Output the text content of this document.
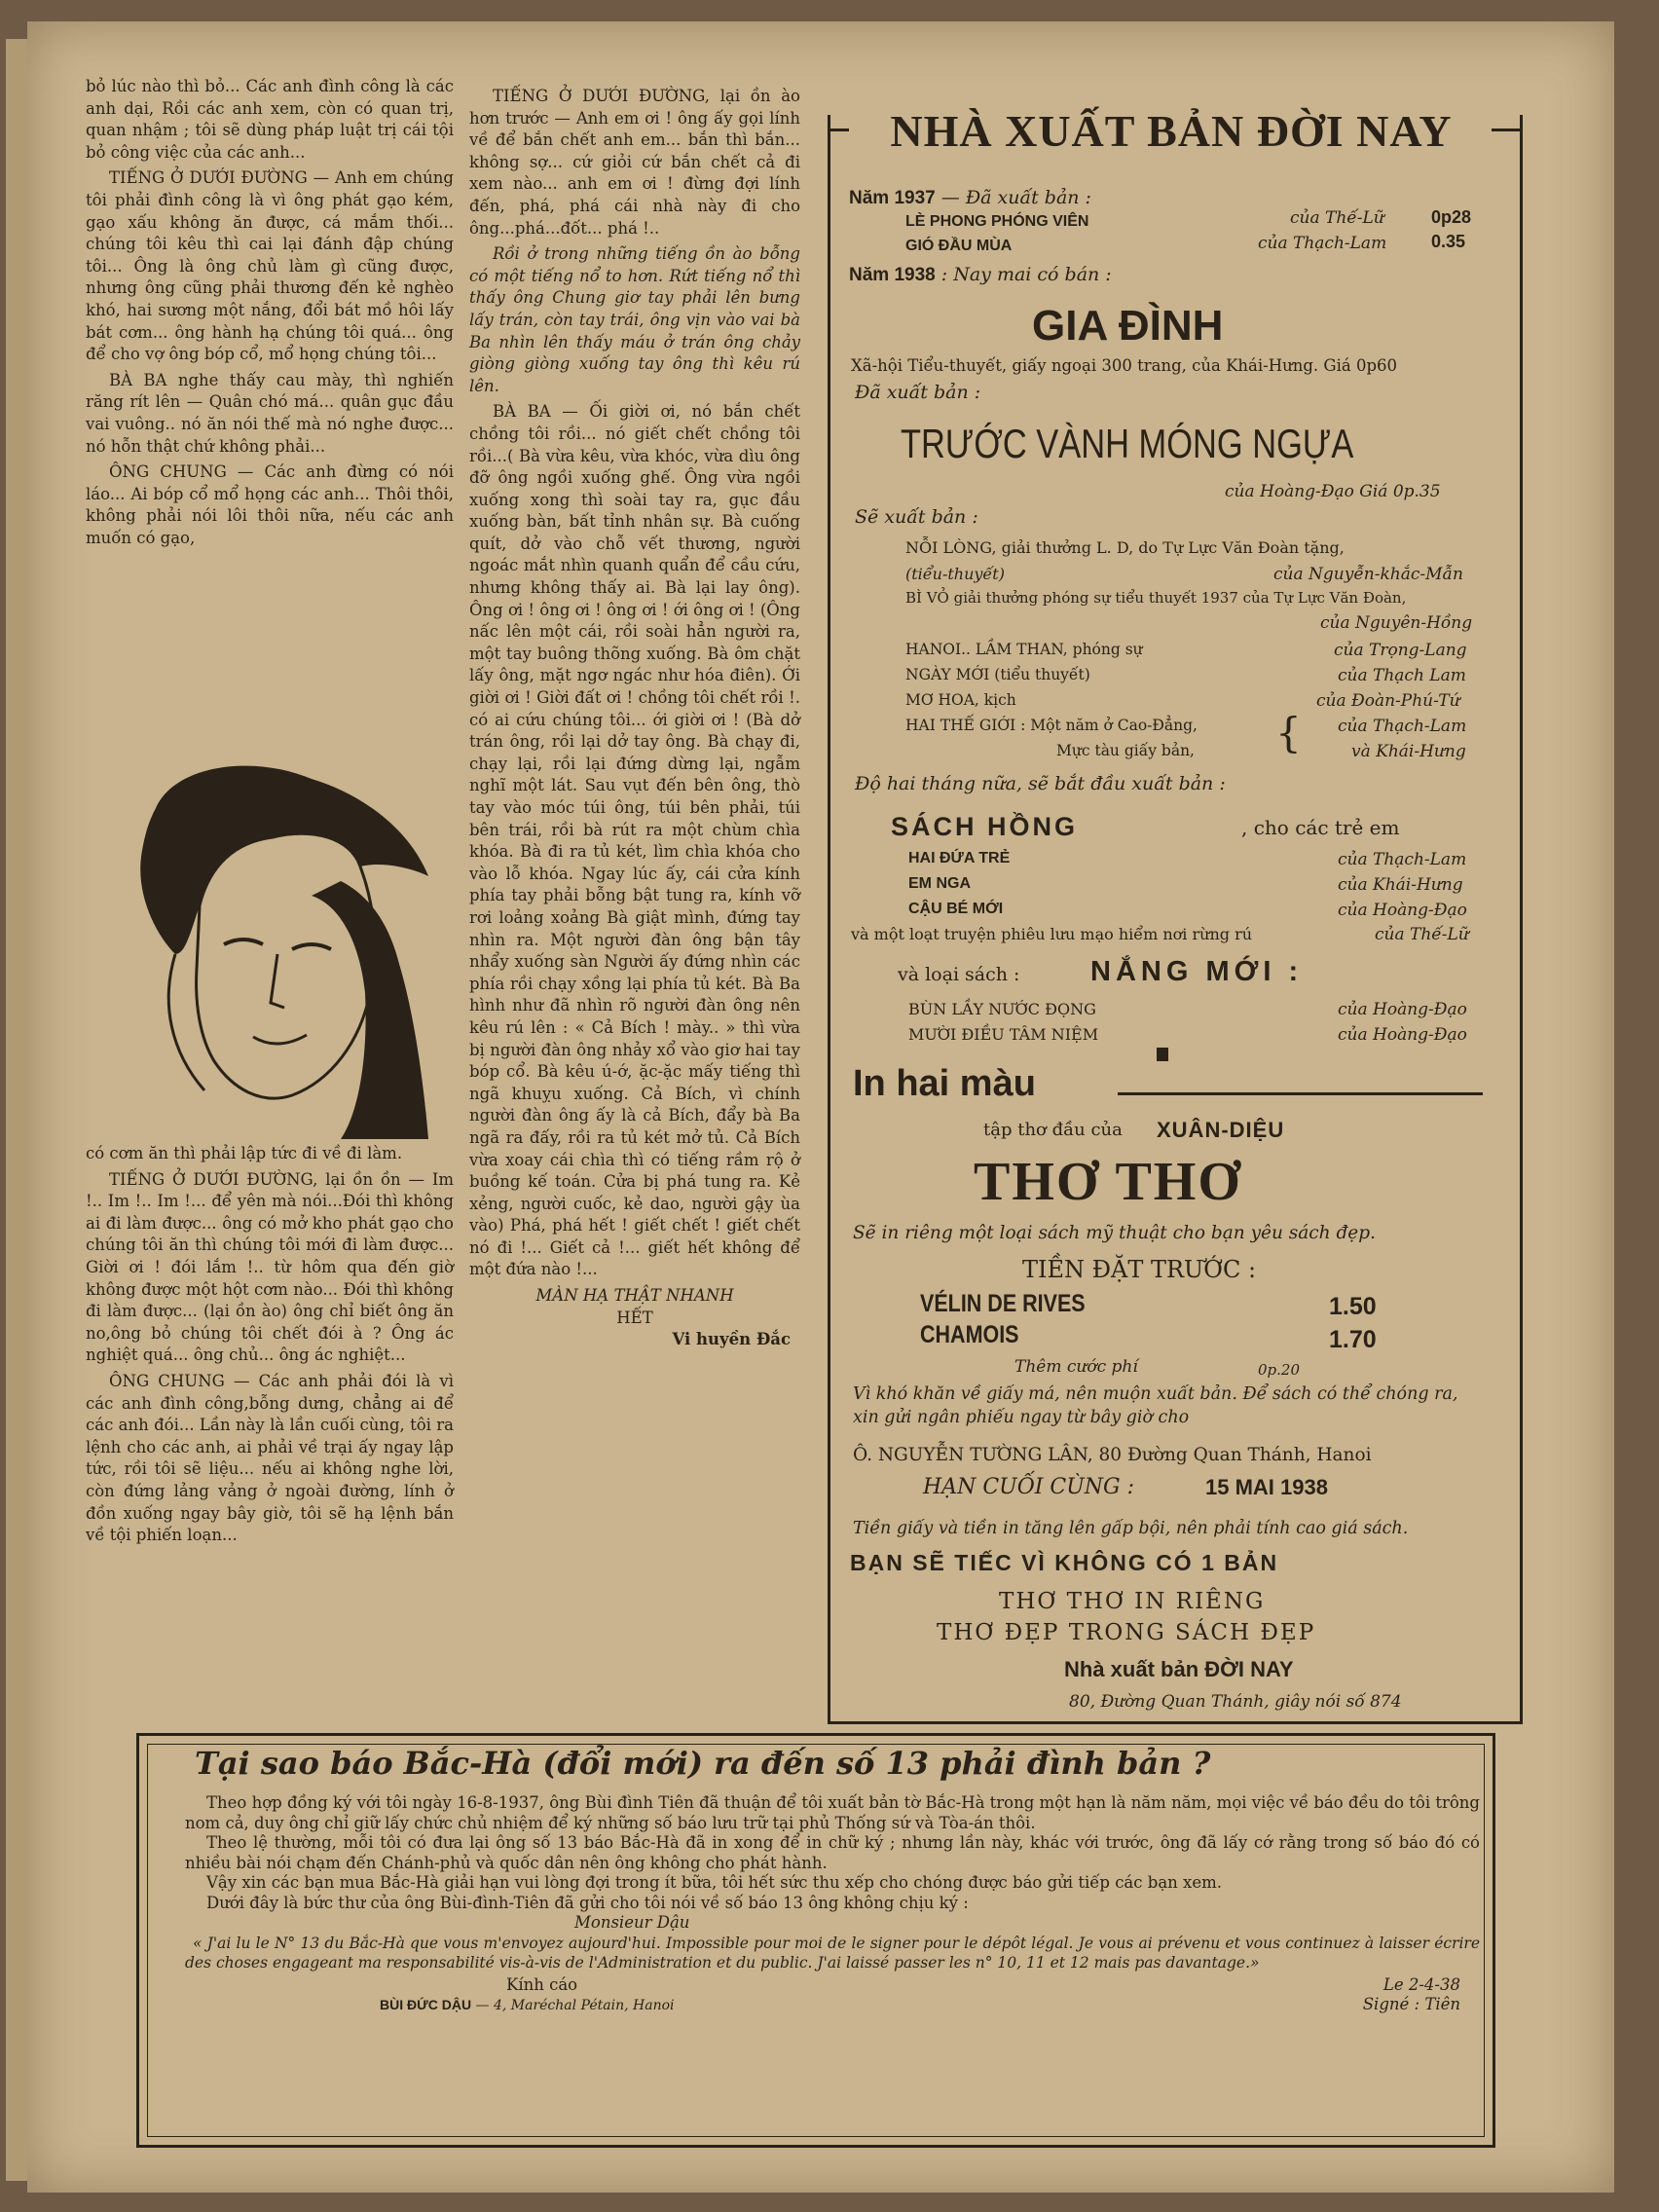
bỏ lúc nào thì bỏ... Các anh đình công là các anh dại, Rồi các anh xem, còn có quan trị, quan nhậm ; tôi sẽ dùng pháp luật trị cái tội bỏ công việc của các anh...

TIẾNG Ở DƯỚI ĐƯỜNG — Anh em chúng tôi phải đình công là vì ông phát gạo kém, gạo xấu không ăn được, cá mắm thối... chúng tôi kêu thì cai lại đánh đập chúng tôi... Ông là ông chủ làm gì cũng được, nhưng ông cũng phải thương đến kẻ nghèo khó, hai sương một nắng, đổi bát mồ hôi lấy bát cơm... ông hành hạ chúng tôi quá... ông để cho vợ ông bóp cổ, mổ họng chúng tôi...

BÀ BA nghe thấy cau mày, thì nghiến răng rít lên — Quân chó má... quân gục đầu vai vuông.. nó ăn nói thế mà nó nghe được... nó hỗn thật chứ không phải...

ÔNG CHUNG — Các anh đừng có nói láo... Ai bóp cổ mổ họng các anh... Thôi thôi, không phải nói lôi thôi nữa, nếu các anh muốn có gạo,

có cơm ăn thì phải lập tức đi về đi làm.

TIẾNG Ở DƯỚI ĐƯỜNG, lại ồn ồn — Im !.. Im !.. Im !... để yên mà nói...Đói thì không ai đi làm được... ông có mở kho phát gạo cho chúng tôi ăn thì chúng tôi mới đi làm được... Giời ơi ! đói lắm !.. từ hôm qua đến giờ không được một hột cơm nào... Đói thì không đi làm được... (lại ồn ào) ông chỉ biết ông ăn no,ông bỏ chúng tôi chết đói à ? Ông ác nghiệt quá... ông chủ... ông ác nghiệt...

ÔNG CHUNG — Các anh phải đói là vì các anh đình công,bỗng dưng, chẳng ai để các anh đói... Lần này là lần cuối cùng, tôi ra lệnh cho các anh, ai phải về trại ấy ngay lập tức, rồi tôi sẽ liệu... nếu ai không nghe lời, còn đứng lảng vảng ở ngoài đường, lính ở đồn xuống ngay bây giờ, tôi sẽ hạ lệnh bắn về tội phiến loạn...

TIẾNG Ở DƯỚI ĐƯỜNG, lại ồn ào hơn trước — Anh em ơi ! ông ấy gọi lính về để bắn chết anh em... bắn thì bắn... không sợ... cứ giỏi cứ bắn chết cả đi xem nào... anh em ơi ! đừng đợi lính đến, phá, phá cái nhà này đi cho ông...phá...đốt... phá !..

Rồi ở trong những tiếng ồn ào bỗng có một tiếng nổ to hơn. Rứt tiếng nổ thì thấy ông Chung giơ tay phải lên bưng lấy trán, còn tay trái, ông vịn vào vai bà Ba nhìn lên thấy máu ở trán ông chảy giòng giòng xuống tay ông thì kêu rú lên.

BÀ BA — Ối giời ơi, nó bắn chết chồng tôi rồi... nó giết chết chồng tôi rồi...( Bà vừa kêu, vừa khóc, vừa dìu ông đỡ ông ngồi xuống ghế. Ông vừa ngồi xuống xong thì soài tay ra, gục đầu xuống bàn, bất tỉnh nhân sự. Bà cuống quít, dở vào chỗ vết thương, người ngoác mắt nhìn quanh quẩn để cầu cứu, nhưng không thấy ai. Bà lại lay ông). Ông ơi ! ông ơi ! ông ơi ! ới ông ơi ! (Ông nấc lên một cái, rồi soài hẳn người ra, một tay buông thõng xuống. Bà ôm chặt lấy ông, mặt ngơ ngác như hóa điên). Ới giời ơi ! Giời đất ơi ! chồng tôi chết rồi !. có ai cứu chúng tôi... ới giời ơi ! (Bà dở trán ông, rồi lại dở tay ông. Bà chạy đi, chạy lại, rồi lại đứng dừng lại, ngẫm nghĩ một lát. Sau vụt đến bên ông, thò tay vào móc túi ông, túi bên phải, túi bên trái, rồi bà rút ra một chùm chìa khóa. Bà đi ra tủ két, lìm chìa khóa cho vào lỗ khóa. Ngay lúc ấy, cái cửa kính phía tay phải bỗng bật tung ra, kính vỡ rơi loảng xoảng Bà giật mình, đứng tay nhìn ra. Một người đàn ông bận tây nhẩy xuống sàn Người ấy đứng nhìn các phía rồi chạy xồng lại phía tủ két. Bà Ba hình như đã nhìn rõ người đàn ông nên kêu rú lên : « Cả Bích ! mày.. » thì vừa bị người đàn ông nhảy xổ vào giơ hai tay bóp cổ. Bà kêu ú-ớ, ặc-ặc mấy tiếng thì ngã khuỵu xuống. Cả Bích, vì chính người đàn ông ấy là cả Bích, đẩy bà Ba ngã ra đấy, rồi ra tủ két mở tủ. Cả Bích vừa xoay cái chìa thì có tiếng rầm rộ ở buồng kế toán. Cửa bị phá tung ra. Kẻ xẻng, người cuốc, kẻ dao, người gậy ùa vào) Phá, phá hết ! giết chết ! giết chết nó đi !... Giết cả !... giết hết không để một đứa nào !...

MÀN HẠ THẬT NHANH
HẾT
Vi huyền Đắc
NHÀ XUẤT BẢN ĐỜI NAY
Năm 1937 — Đã xuất bản :
LÈ PHONG PHÓNG VIÊN	của Thế-Lữ	0p28
GIÓ ĐẦU MÙA	của Thạch-Lam	0.35
Năm 1938 : Nay mai có bán :
GIA ĐÌNH
Xã-hội Tiểu-thuyết, giấy ngoại 300 trang, của Khái-Hưng. Giá 0p60
Đã xuất bản :
TRƯỚC VÀNH MÓNG NGỰA
của Hoàng-Đạo Giá 0p.35
Sẽ xuất bản :
NỖI LÒNG, giải thưởng L. D, do Tự Lực Văn Đoàn tặng,
(tiểu-thuyết)	của Nguyễn-khắc-Mẫn
BÌ VỎ giải thưởng phóng sự tiểu thuyết 1937 của Tự Lực Văn Đoàn,
của Nguyên-Hồng
HANOI.. LẦM THAN, phóng sự	của Trọng-Lang
NGÀY MỚI (tiểu thuyết)	của Thạch Lam
MƠ HOA, kịch	của Đoàn-Phú-Tứ
HAI THẾ GIỚI : Một năm ở Cao-Đẳng,	của Thạch-Lam
Mực tàu giấy bản,	và Khái-Hưng
{
Độ hai tháng nữa, sẽ bắt đầu xuất bản :
SÁCH HỒNG	, cho các trẻ em
HAI ĐỨA TRẺ	của Thạch-Lam
EM NGA	của Khái-Hưng
CẬU BÉ MỚI	của Hoàng-Đạo
và một loạt truyện phiêu lưu mạo hiểm nơi rừng rú	của Thế-Lữ
và loại sách :	NẮNG MỚI :
BÙN LẦY NƯỚC ĐỌNG	của Hoàng-Đạo
MƯỜI ĐIỀU TÂM NIỆM	của Hoàng-Đạo
In hai màu
tập thơ đầu của XUÂN-DIỆU
THƠ THƠ
Sẽ in riêng một loại sách mỹ thuật cho bạn yêu sách đẹp.
TIỀN ĐẶT TRƯỚC :
VÉLIN DE RIVES	1.50
CHAMOIS	1.70
Thêm cước phí	0p.20
Vì khó khăn về giấy má, nên muộn xuất bản. Để sách có thể chóng ra, xin gửi ngân phiếu ngay từ bây giờ cho
Ô. NGUYỄN TƯỜNG LÂN, 80 Đường Quan Thánh, Hanoi
HẠN CUỐI CÙNG :	15 MAI 1938
Tiền giấy và tiền in tăng lên gấp bội, nên phải tính cao giá sách.
BẠN SẼ TIẾC VÌ KHÔNG CÓ 1 BẢN
THƠ THƠ IN RIÊNG
THƠ ĐẸP TRONG SÁCH ĐẸP
Nhà xuất bản ĐỜI NAY
80, Đường Quan Thánh, giây nói số 874
Tại sao báo Bắc-Hà (đổi mới) ra đến số 13 phải đình bản ?

Theo hợp đồng ký với tôi ngày 16-8-1937, ông Bùi đình Tiên đã thuận để tôi xuất bản tờ Bắc-Hà trong một hạn là năm năm, mọi việc về báo đều do tôi trông nom cả, duy ông chỉ giữ lấy chức chủ nhiệm để ký những số báo lưu trữ tại phủ Thống sứ và Tòa-án thôi.

Theo lệ thường, mỗi tôi có đưa lại ông số 13 báo Bắc-Hà đã in xong để in chữ ký ; nhưng lần này, khác với trước, ông đã lấy cớ rằng trong số báo đó có nhiều bài nói chạm đến Chánh-phủ và quốc dân nên ông không cho phát hành.

Vậy xin các bạn mua Bắc-Hà giải hạn vui lòng đợi trong ít bữa, tôi hết sức thu xếp cho chóng được báo gửi tiếp các bạn xem.

Dưới đây là bức thư của ông Bùi-đình-Tiên đã gửi cho tôi nói về số báo 13 ông không chịu ký :

Monsieur Dậu

« J'ai lu le N° 13 du Bắc-Hà que vous m'envoyez aujourd'hui. Impossible pour moi de le signer pour le dépôt légal. Je vous ai prévenu et vous continuez à laisser écrire des choses engageant ma responsabilité vis-à-vis de l'Administration et du public. J'ai laissé passer les n° 10, 11 et 12 mais pas davantage.»

Kính cáo	Le 2-4-38
BÙI ĐỨC DẬU — 4, Maréchal Pétain, Hanoi	Signé : Tiên
